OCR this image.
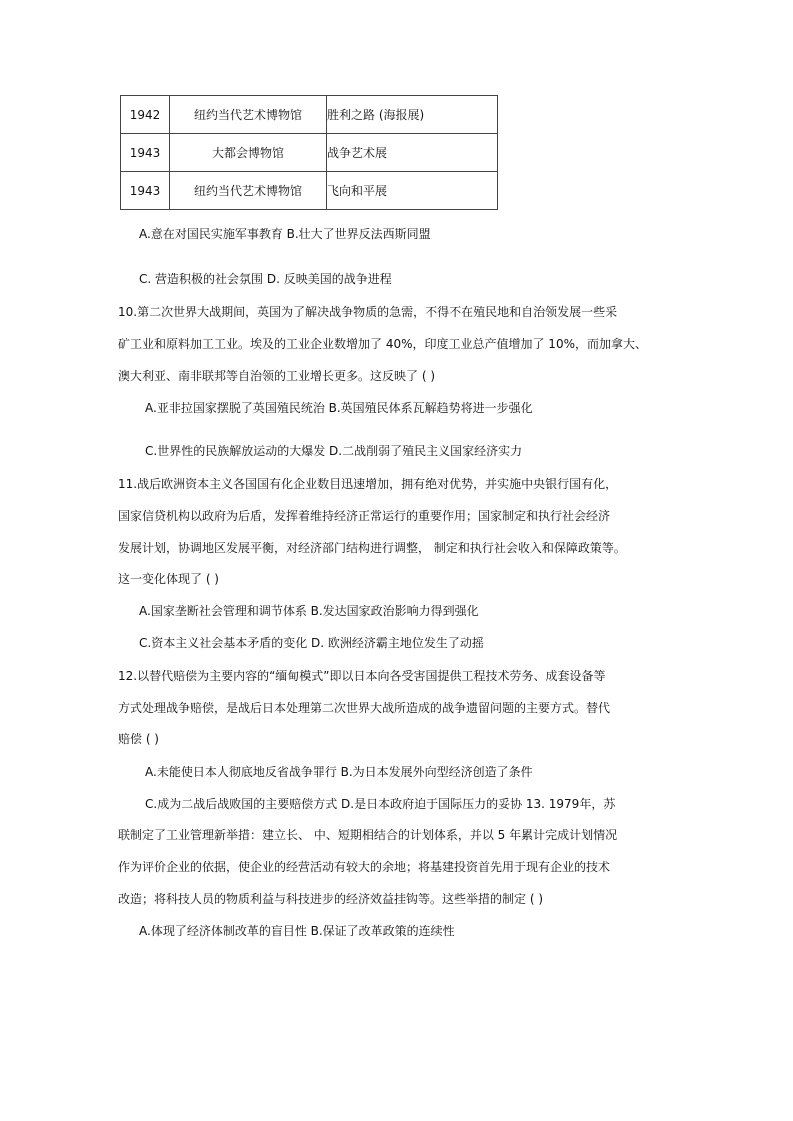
1942	纽约当代艺术博物馆	胜利之路 (海报展)
1943	大都会博物馆	战争艺术展
1943	纽约当代艺术博物馆	飞向和平展
A.意在对国民实施军事教育 B.壮大了世界反法西斯同盟
C. 营造积极的社会氛围 D. 反映美国的战争进程
10.第二次世界大战期间，英国为了解决战争物质的急需，不得不在殖民地和自治领发展一些采
矿工业和原料加工工业。埃及的工业企业数增加了 40%，印度工业总产值增加了 10%，而加拿大、
澳大利亚、南非联邦等自治领的工业增长更多。这反映了 ( )
A.亚非拉国家摆脱了英国殖民统治 B.英国殖民体系瓦解趋势将进一步强化
C.世界性的民族解放运动的大爆发 D.二战削弱了殖民主义国家经济实力
11.战后欧洲资本主义各国国有化企业数目迅速增加，拥有绝对优势，并实施中央银行国有化，
国家信贷机构以政府为后盾，发挥着维持经济正常运行的重要作用；国家制定和执行社会经济
发展计划，协调地区发展平衡，对经济部门结构进行调整， 制定和执行社会收入和保障政策等。
这一变化体现了 ( )
A.国家垄断社会管理和调节体系 B.发达国家政治影响力得到强化
C.资本主义社会基本矛盾的变化 D. 欧洲经济霸主地位发生了动摇
12.以替代赔偿为主要内容的“缅甸模式”即以日本向各受害国提供工程技术劳务、成套设备等
方式处理战争赔偿，是战后日本处理第二次世界大战所造成的战争遗留问题的主要方式。替代
赔偿 ( )
A.未能使日本人彻底地反省战争罪行 B.为日本发展外向型经济创造了条件
C.成为二战后战败国的主要赔偿方式 D.是日本政府迫于国际压力的妥协 13. 1979年，苏
联制定了工业管理新举措：建立长、 中、短期相结合的计划体系，并以 5 年累计完成计划情况
作为评价企业的依据，使企业的经营活动有较大的余地；将基建投资首先用于现有企业的技术
改造；将科技人员的物质利益与科技进步的经济效益挂钩等。这些举措的制定 ( )
A.体现了经济体制改革的盲目性 B.保证了改革政策的连续性
